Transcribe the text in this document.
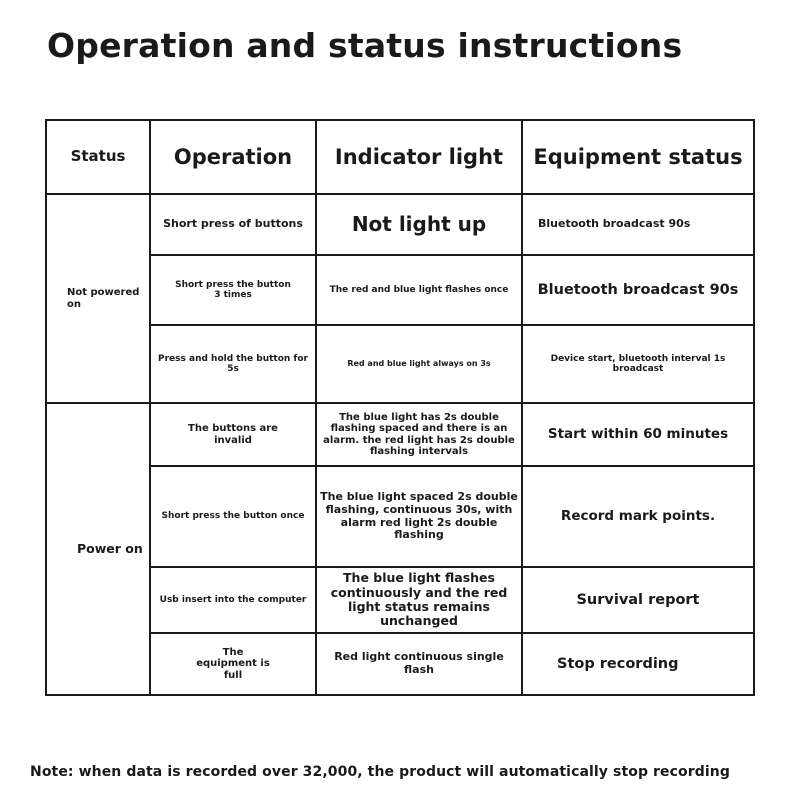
Operation and status instructions
Status	Operation	Indicator light	Equipment status
Not powered on	Short press of buttons	Not light up	Bluetooth broadcast 90s
	Short press the button 3 times	The red and blue light flashes once	Bluetooth broadcast 90s
	Press and hold the button for 5s	Red and blue light always on 3s	Device start, bluetooth interval 1s broadcast
Power on	The buttons are invalid	The blue light has 2s double flashing spaced and there is an alarm. the red light has 2s double flashing intervals	Start within 60 minutes
	Short press the button once	The blue light spaced 2s double flashing, continuous 30s, with alarm red light 2s double flashing	Record mark points.
	Usb insert into the computer	The blue light flashes continuously and the red light status remains unchanged	Survival report
	The equipment is full	Red light continuous single flash	Stop recording
Note: when data is recorded over 32,000, the product will automatically stop recording
